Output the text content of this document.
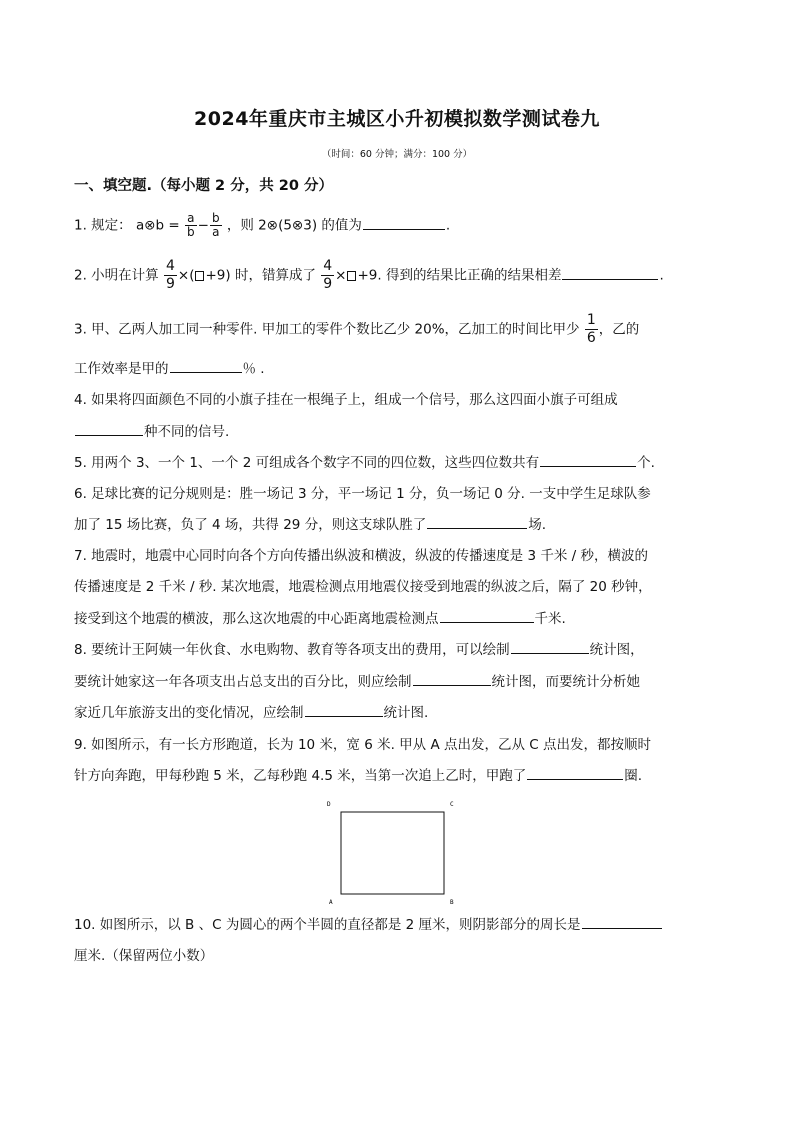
2024年重庆市主城区小升初模拟数学测试卷九
（时间：60 分钟；满分：100 分）
一、填空题.（每小题 2 分，共 20 分）
1. 规定： a⊗b = $\frac{a}{b} - \frac{b}{a}$ ，则 2⊗(5⊗3) 的值为	.
2. 小明在计算 $\frac{4}{9}$ ×( +9) 时，错算成了 $\frac{4}{9} \times +9$. 得到的结果比正确的结果相差	.
3. 甲、乙两人加工同一种零件. 甲加工的零件个数比乙少 20%，乙加工的时间比甲少 $\frac{1}{6}$ ，乙的
工作效率是甲的	％ .
4. 如果将四面颜色不同的小旗子挂在一根绳子上，组成一个信号，那么这四面小旗子可组成
种不同的信号.
5. 用两个 3、一个 1、一个 2 可组成各个数字不同的四位数，这些四位数共有	个.
6. 足球比赛的记分规则是：胜一场记 3 分，平一场记 1 分，负一场记 0 分. 一支中学生足球队参
加了 15 场比赛，负了 4 场，共得 29 分，则这支球队胜了	场.
7. 地震时，地震中心同时向各个方向传播出纵波和横波，纵波的传播速度是 3 千米 / 秒，横波的
传播速度是 2 千米 / 秒. 某次地震，地震检测点用地震仪接受到地震的纵波之后，隔了 20 秒钟，
接受到这个地震的横波，那么这次地震的中心距离地震检测点	千米.
8. 要统计王阿姨一年伙食、水电购物、教育等各项支出的费用，可以绘制	统计图，
要统计她家这一年各项支出占总支出的百分比，则应绘制	统计图，而要统计分析她
家近几年旅游支出的变化情况，应绘制	统计图.
9. 如图所示，有一长方形跑道，长为 10 米，宽 6 米. 甲从 A 点出发，乙从 C 点出发，都按顺时
针方向奔跑，甲每秒跑 5 米，乙每秒跑 4.5 米，当第一次追上乙时，甲跑了	圈.
D	C
A	B
10. 如图所示，以 B 、C 为圆心的两个半圆的直径都是 2 厘米，则阴影部分的周长是
厘米.（保留两位小数）
